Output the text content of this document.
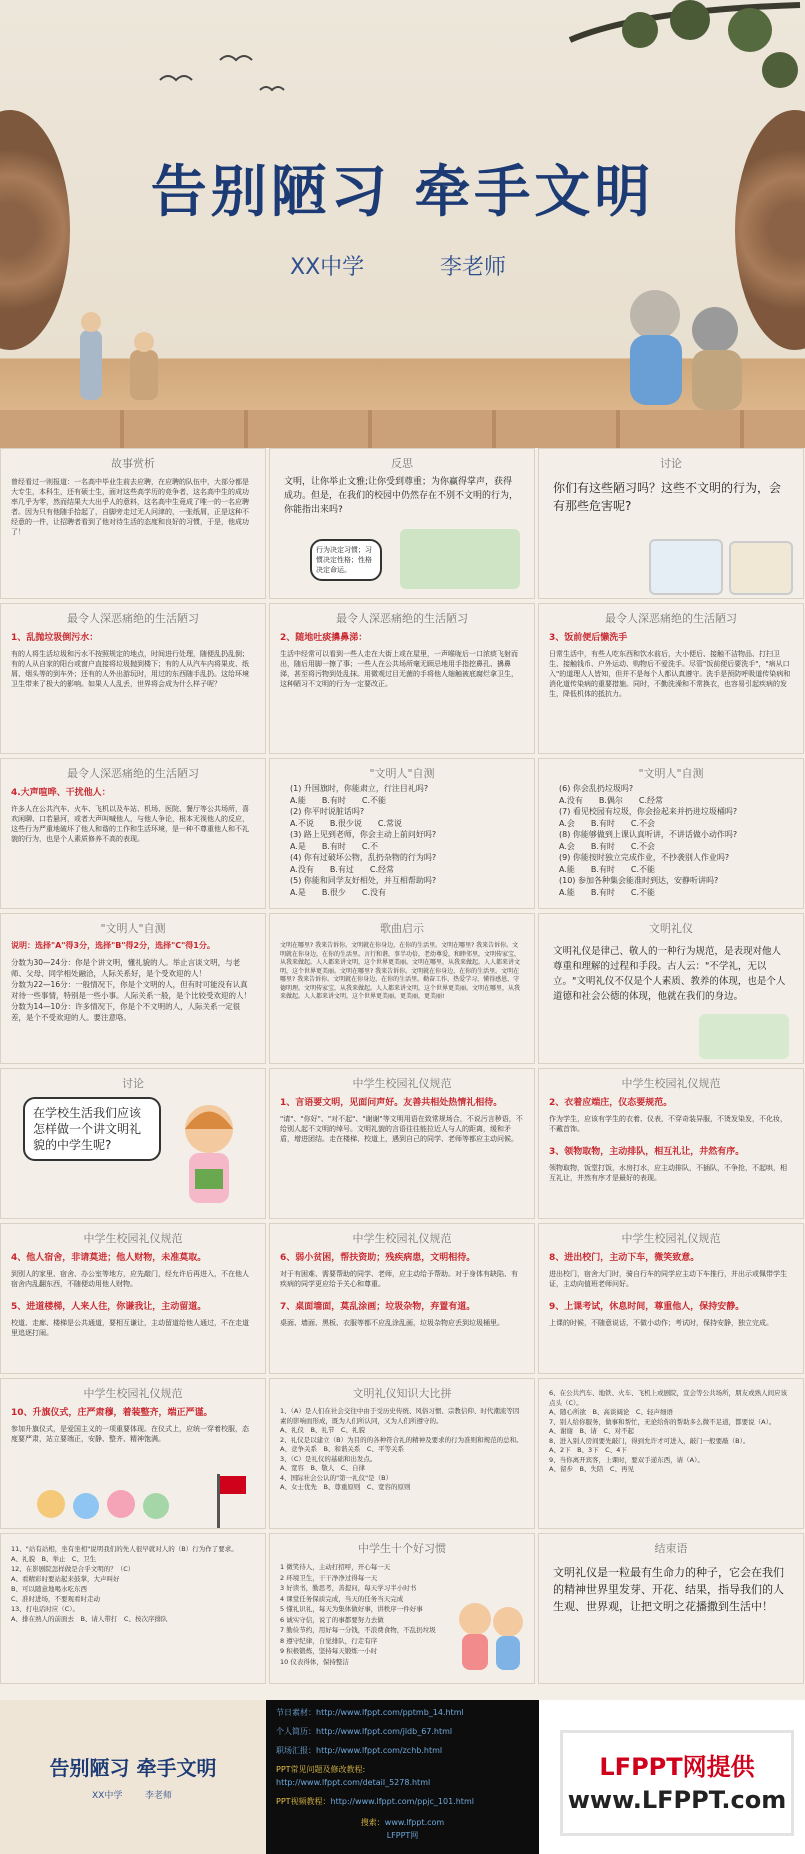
告别陋习 牵手文明
XX中学	李老师
故事赏析
曾经看过一则报道：一名高中毕业生前去应聘，在应聘的队伍中，大部分都是大专生，本科生，还有硕士生，面对这些高学历的竞争者，这名高中生的成功率几乎为零，然而结果大大出乎人的意料，这名高中生竟成了唯一的一名应聘者。因为只有他随手拾起了，自脚旁走过无人问津的，一张纸屑，正是这种不经意的一件，让招聘者看到了他对待生活的态度和良好的习惯，于是，他成功了！
反思
文明，让你举止文雅;让你受到尊重；为你赢得掌声，获得成功。但是，在我们的校园中仍然存在不别不文明的行为，你能指出来吗?
行为决定习惯；习惯决定性格；性格决定命运。
讨论
你们有这些陋习吗？这些不文明的行为，会有那些危害呢?
最令人深恶痛绝的生活陋习
1、乱抛垃圾倒污水：
有的人将生活垃圾和污水不按照规定的地点，时间进行处理，随便乱扔乱倒；有的人从自家的阳台或窗户直接将垃圾抛到楼下；有的人从汽车内将果皮、纸屑、烟头等的到车外；还有的人外出游玩时，用过的东西随手乱扔。这给环境卫生带来了极大的影响。如果人人乱丢，世界将会成为什么样子呢？
最令人深恶痛绝的生活陋习
2、随地吐痰擤鼻涕：
生活中经常可以看到一些人走在大街上或在屋里，一声喉咙后一口浓痰飞射而出，随后用脚一擦了事；一些人在公共场所毫无顾忌地用手指挖鼻孔、擤鼻涕，甚至将污物到处乱抹。用微观过目无菌的手将他人缩触被底腐烂拿卫生，这种陋习不文明的行为一定要改正。
最令人深恶痛绝的生活陋习
3、饭前便后懒洗手
日常生活中，有些人吃东西和饮水前后，大小便后、接触不洁物品、打扫卫生、接触钱币、户外运动、购物后不爱洗手。尽管"饭前便后要洗手"，"病从口入"的道理人人皆知，但并不是每个人都认真遵守。洗手是预防呼吸道传染病和消化道传染病的重要措施。同时，不勤洗澡和不常换衣，也容易引起疾病的发生，降低机体的抵抗力。
最令人深恶痛绝的生活陋习
4.大声喧哗、干扰他人：
许多人在公共汽车、火车、飞机以及车站、机场、医院、餐厅等公共场所，喜欢闲聊、口若悬河，或者大声叫喊他人，与他人争论，根本无视他人的反应，这些行为严重地破坏了他人和谐的工作和生活环境，是一种不尊重他人和不礼貌的行为，也是个人素质修养不高的表现。
"文明人"自测
(1) 升国旗时，你能肃立，行注目礼吗?
A.能　　B.有时　　C.不能
(2) 你平时说脏话吗?
A.不说　　B.很少说　　C.常说
(3) 路上见到老师，你会主动上前问好吗?
A.是　　B.有时　　C.不
(4) 你有过破坏公物，乱扔杂物的行为吗?
A.没有　　B.有过　　C.经常
(5) 你能和同学友好相处，并互相帮助吗?
A.是　　B.很少　　C.没有
"文明人"自测
(6) 你会乱扔垃圾吗?
A.没有　　B.偶尔　　C.经常
(7) 看见校园有垃圾，你会捡起来并扔进垃圾桶吗?
A.会　　B.有时　　C.不会
(8) 你能够做到上课认真听讲，不讲话做小动作吗?
A.会　　B.有时　　C.不会
(9) 你能按时独立完成作业，不抄袭别人作业吗?
A.能　　B.有时　　C.不能
(10) 参加各种集会能准时到达，安静听讲吗?
A.能　　B.有时　　C.不能
"文明人"自测
说明：选择"A"得3分，选择"B"得2分，选择"C"得1分。
分数为30—24分：你是个讲文明，懂礼貌的人。举止言谈文明，与老师、父母、同学相处融洽，人际关系好，是个受欢迎的人！
分数为22—16分：一般情况下，你是个文明的人，但有时可能没有认真对待一些事情，特别是一些小事。人际关系一般，是个比较受欢迎的人！
分数为14—10分：许多情况下，你是个不文明的人，人际关系一定很差，是个不受欢迎的人。要注意咯。
歌曲启示
文明在哪里? 我来告诉你。文明就在你身边，在你的生活里。文明在哪里? 我来告诉你。文明就在你身边，在你的生活里。言行和谐，事半功倍，老幼尊爱，和睦邻里，文明传家宝，从我来做起。人人都来讲文明，这个世界更美丽。文明在哪里，从我来做起。人人都来讲文明，这个世界更美丽。文明在哪里? 我来告诉你。文明就在你身边，在你的生活里。文明在哪里? 我来告诉你。文明就在你身边，在你的生活里。勤奋工作，热爱学习，懂得感恩，守德明理。文明传家宝，从我来做起。人人都来讲文明，这个世界更美丽。文明在哪里，从我来做起。人人都来讲文明，这个世界更美丽。更美丽，更美丽!
文明礼仪
文明礼仪是律己、敬人的一种行为规范，是表现对他人尊重和理解的过程和手段。古人云："不学礼，无以立。"文明礼仪不仅是个人素质、教养的体现，也是个人道德和社会公德的体现，他就在我们的身边。
讨论
在学校生活我们应该怎样做一个讲文明礼貌的中学生呢?
中学生校园礼仪规范
1、言语要文明，见面问声好。友善共相处热情礼相待。
"请"、"你好"、"对不起"、"谢谢"等文明用语在致常规场合，不说污言秽语，不给别人起不文明的绰号。文明礼貌的言语往往能拉近人与人的距离，缓和矛盾，增进团结。走在楼梯、校道上，遇到自己的同学、老师等都应主动问候。
中学生校园礼仪规范
2、衣着应端庄，仪态要规范。
作为学生，应该有学生的衣着、仪表，不穿奇装异服，不烫发染发，不化妆，不戴首饰。
3、领物取物，主动排队，相互礼让，井然有序。
领物取物，饭堂打饭，水房打水，应主动排队，不插队，不争抢，不起哄，相互礼让，井然有序才是最好的表现。
中学生校园礼仪规范
4、他人宿舍，非请莫进；他人财物，未准莫取。
到别人的家里、宿舍、办公室等地方，应先敲门，经允许后再进入，不在他人宿舍内乱翻东西，不随便动用他人财物。
5、进道楼梯，人来人往，你谦我让，主动留道。
校道、走廊、楼梯是公共通道，要相互谦让，主动留道给他人通过，不在走道里追逐打闹。
中学生校园礼仪规范
6、弱小贫困，帮扶资助；残疾病患，文明相待。
对于有困难、需要帮助的同学、老师，应主动给予帮助。对于身体有缺陷、有疾病的同学更应给予关心和尊重。
7、桌面墙面，莫乱涂画；垃圾杂物，弃置有道。
桌面、墙面、黑板、衣服等都不应乱涂乱画，垃圾杂物应丢到垃圾桶里。
中学生校园礼仪规范
8、进出校门，主动下车，微笑致意。
进出校门，宿舍大门时，骑自行车的同学应主动下车推行，并出示或佩带学生证，主动向值班老师问好。
9、上课考试，休息时间，尊重他人，保持安静。
上课的时候，不随意说话，不做小动作；考试时，保持安静，独立完成。
中学生校园礼仪规范
10、升旗仪式，庄严肃穆，着装整齐，端正严谨。
参加升旗仪式，是爱国主义的一项重要体现。在仪式上，应统一穿着校服，态度要严肃，站立要端正，安静、整齐、精神饱满。
文明礼仪知识大比拼
1、（A）是人们在社会交往中由于受历史传统、风俗习惯、宗教信仰、时代潮流等因素的影响而形成，既为人们所认同，又为人们所遵守的。
A、礼仪　B、礼节　C、礼貌
2、礼仪是以建立（B）为目的的各种符合礼的精神及要求的行为准则和规范的总和。
A、竞争关系　B、和谐关系　C、平等关系
3、（C）是礼仪的基础和出发点。
A、宽容　B、敬人　C、自律
4、国际社会公认的"第一礼仪"是（B）
A、女士优先　B、尊重原则　C、宽容的原则
6、在公共汽车、地铁、火车、飞机上或剧院，宣会等公共场所，朋友或熟人间应该点头（C）。
A、随心所欲　B、高谈阔论　C、轻声细语
7、别人给你服务，做事和帮忙，无论给你的帮助多么微不足道，都要说（A）。
A、谢谢　B、请　C、对不起
8、进入别人房间要先敲门，得到允许才可进入，敲门一般要敲（B）。
A、2下　B、3下　C、4下
9、当你离开宾客，上课时，要双手递东西，请（A）。
A、留步　B、失陪　C、再见
11、"站有站相，坐有坐相"说明我们的先人很早就对人的（B）行为作了要求。
A、礼貌　B、举止　C、卫生
12、在影剧院怎样做是合乎文明的？（C）
A、看精彩时要站起来鼓掌，大声叫好
B、可以随意地喝水吃东西
C、准时进场，不要观看时走动
13、打电话时应（C）。
A、排在熟人的前面去　B、请人带打　C、按次序排队
中学生十个好习惯
1 微笑待人，主动打招呼，开心每一天
2 环境卫生，干干净净过得每一天
3 好读书，勤思考，善提问，每天学习半小时书
4 课堂任务保质完成，当天的任务当天完成
5 懂礼识礼，每天为集体做好事，讲秩序一件好事
6 诚实守信，说了的事都要努力去做
7 勤俭节约，用好每一分钱，不浪费食物，不乱扔垃圾
8 遵守纪律，自觉排队，行走有序
9 积极锻炼，坚持每天锻炼一小时
10 仪表得体，保持整洁
结束语
文明礼仪是一粒最有生命力的种子，它会在我们的精神世界里发芽、开花、结果，指导我们的人生观、世界观，让把文明之花播撒到生活中！
告别陋习 牵手文明
XX中学	李老师
节日素材：http://www.lfppt.com/pptmb_14.html
个人简历：http://www.lfppt.com/jldb_67.html
职场汇报：http://www.lfppt.com/zchb.html
PPT常见问题及修改教程:
http://www.lfppt.com/detail_5278.html
PPT视频教程：http://www.lfppt.com/ppjc_101.html
搜索：www.lfppt.com
LFPPT网
LFPPT网提供
www.LFPPT.com
